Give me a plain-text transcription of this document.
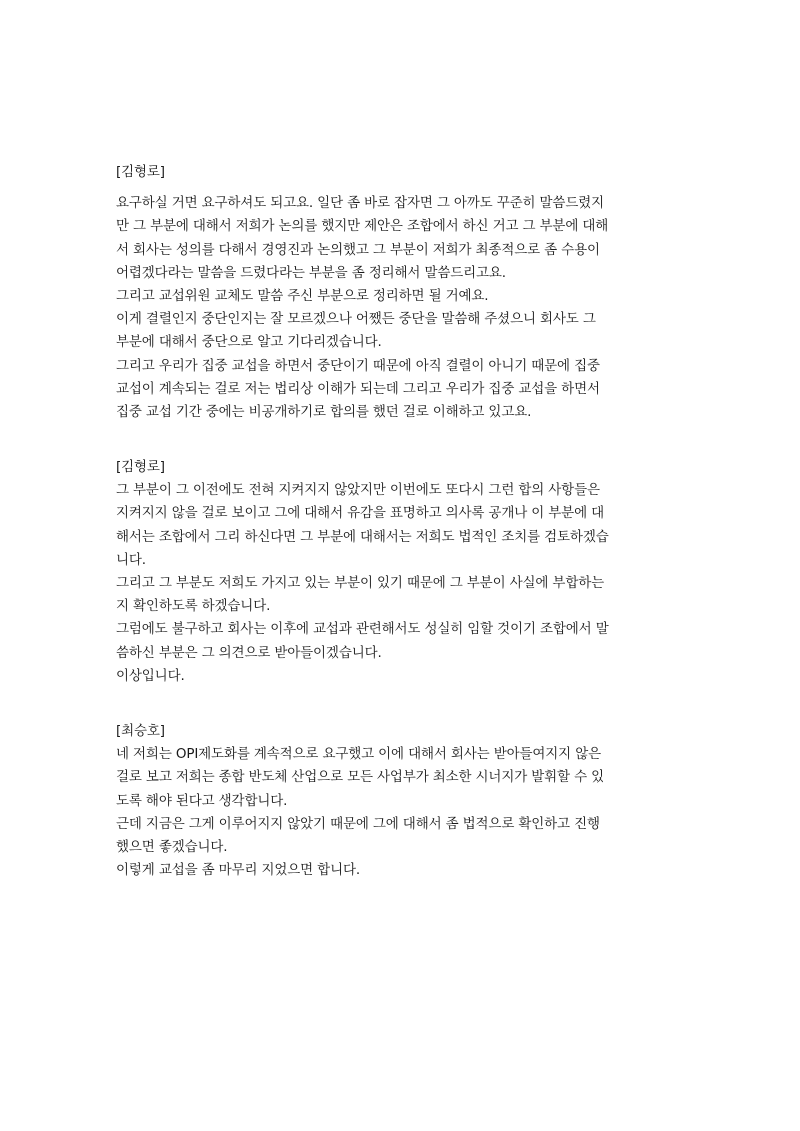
[김형로]
요구하실 거면 요구하셔도 되고요. 일단 좀 바로 잡자면 그 아까도 꾸준히 말씀드렸지
만 그 부분에 대해서 저희가 논의를 했지만 제안은 조합에서 하신 거고 그 부분에 대해
서 회사는 성의를 다해서 경영진과 논의했고 그 부분이 저희가 최종적으로 좀 수용이
어렵겠다라는 말씀을 드렸다라는 부분을 좀 정리해서 말씀드리고요.
그리고 교섭위원 교체도 말씀 주신 부분으로 정리하면 될 거예요.
이게 결렬인지 중단인지는 잘 모르겠으나 어쨌든 중단을 말씀해 주셨으니 회사도 그
부분에 대해서 중단으로 알고 기다리겠습니다.
그리고 우리가 집중 교섭을 하면서 중단이기 때문에 아직 결렬이 아니기 때문에 집중
교섭이 계속되는 걸로 저는 법리상 이해가 되는데 그리고 우리가 집중 교섭을 하면서
집중 교섭 기간 중에는 비공개하기로 합의를 했던 걸로 이해하고 있고요.
[김형로]
그 부분이 그 이전에도 전혀 지켜지지 않았지만 이번에도 또다시 그런 합의 사항들은
지켜지지 않을 걸로 보이고 그에 대해서 유감을 표명하고 의사록 공개나 이 부분에 대
해서는 조합에서 그리 하신다면 그 부분에 대해서는 저희도 법적인 조치를 검토하겠습
니다.
그리고 그 부분도 저희도 가지고 있는 부분이 있기 때문에 그 부분이 사실에 부합하는
지 확인하도록 하겠습니다.
그럼에도 불구하고 회사는 이후에 교섭과 관련해서도 성실히 임할 것이기 조합에서 말
씀하신 부분은 그 의견으로 받아들이겠습니다.
이상입니다.
[최승호]
네 저희는 OPI제도화를 계속적으로 요구했고 이에 대해서 회사는 받아들여지지 않은
걸로 보고 저희는 종합 반도체 산업으로 모든 사업부가 최소한 시너지가 발휘할 수 있
도록 해야 된다고 생각합니다.
근데 지금은 그게 이루어지지 않았기 때문에 그에 대해서 좀 법적으로 확인하고 진행
했으면 좋겠습니다.
이렇게 교섭을 좀 마무리 지었으면 합니다.
